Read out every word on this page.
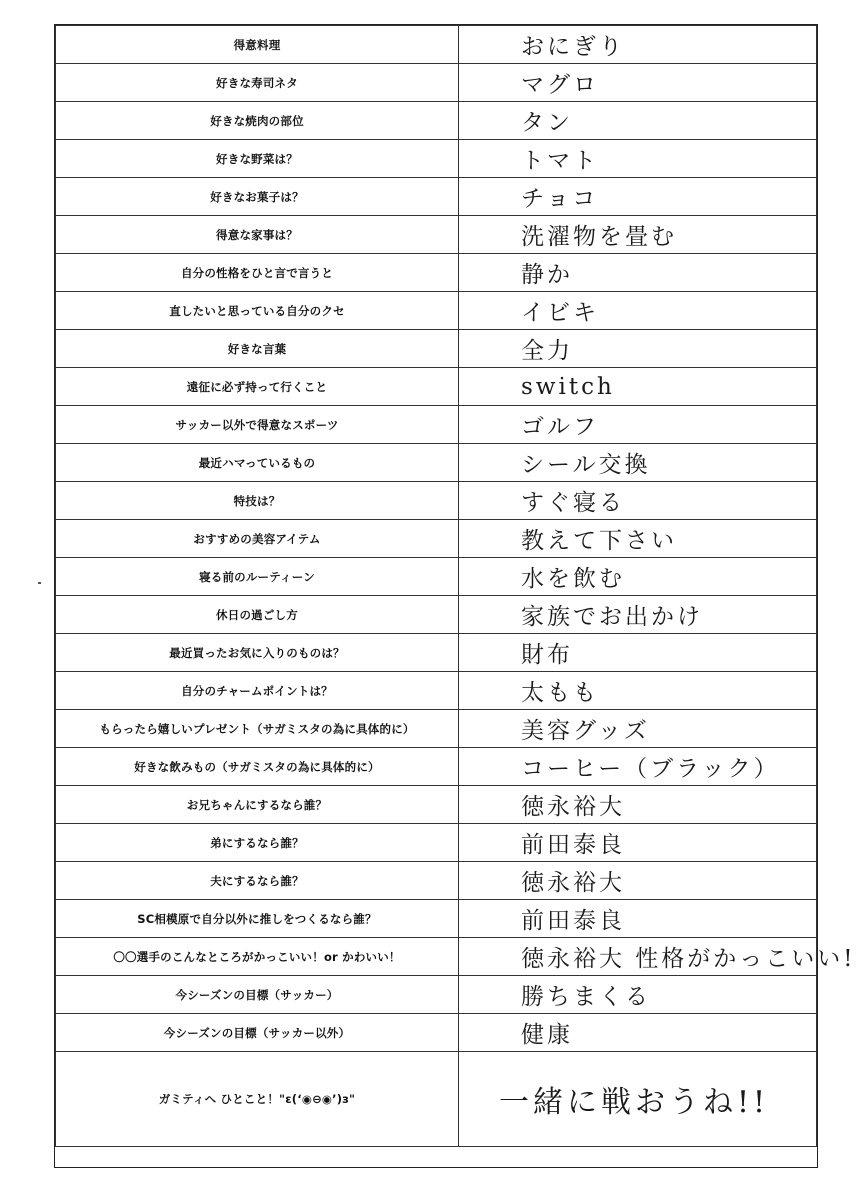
得意料理	おにぎり
好きな寿司ネタ	マグロ
好きな焼肉の部位	タン
好きな野菜は？	トマト
好きなお菓子は？	チョコ
得意な家事は？	洗濯物を畳む
自分の性格をひと言で言うと	静か
直したいと思っている自分のクセ	イビキ
好きな言葉	全力
遠征に必ず持って行くこと	switch
サッカー以外で得意なスポーツ	ゴルフ
最近ハマっているもの	シール交換
特技は？	すぐ寝る
おすすめの美容アイテム	教えて下さい
寝る前のルーティーン	水を飲む
休日の過ごし方	家族でお出かけ
最近買ったお気に入りのものは？	財布
自分のチャームポイントは？	太もも
もらったら嬉しいプレゼント（サガミスタの為に具体的に）	美容グッズ
好きな飲みもの（サガミスタの為に具体的に）	コーヒー（ブラック）
お兄ちゃんにするなら誰？	徳永裕大
弟にするなら誰？	前田泰良
夫にするなら誰？	徳永裕大
SC相模原で自分以外に推しをつくるなら誰？	前田泰良
〇〇選手のこんなところがかっこいい！or かわいい！	徳永裕大 性格がかっこいい!
今シーズンの目標（サッカー）	勝ちまくる
今シーズンの目標（サッカー以外）	健康
ガミティへ ひとこと！"ε(‘◉⊖◉’)з"	一緒に戦おうね!!
